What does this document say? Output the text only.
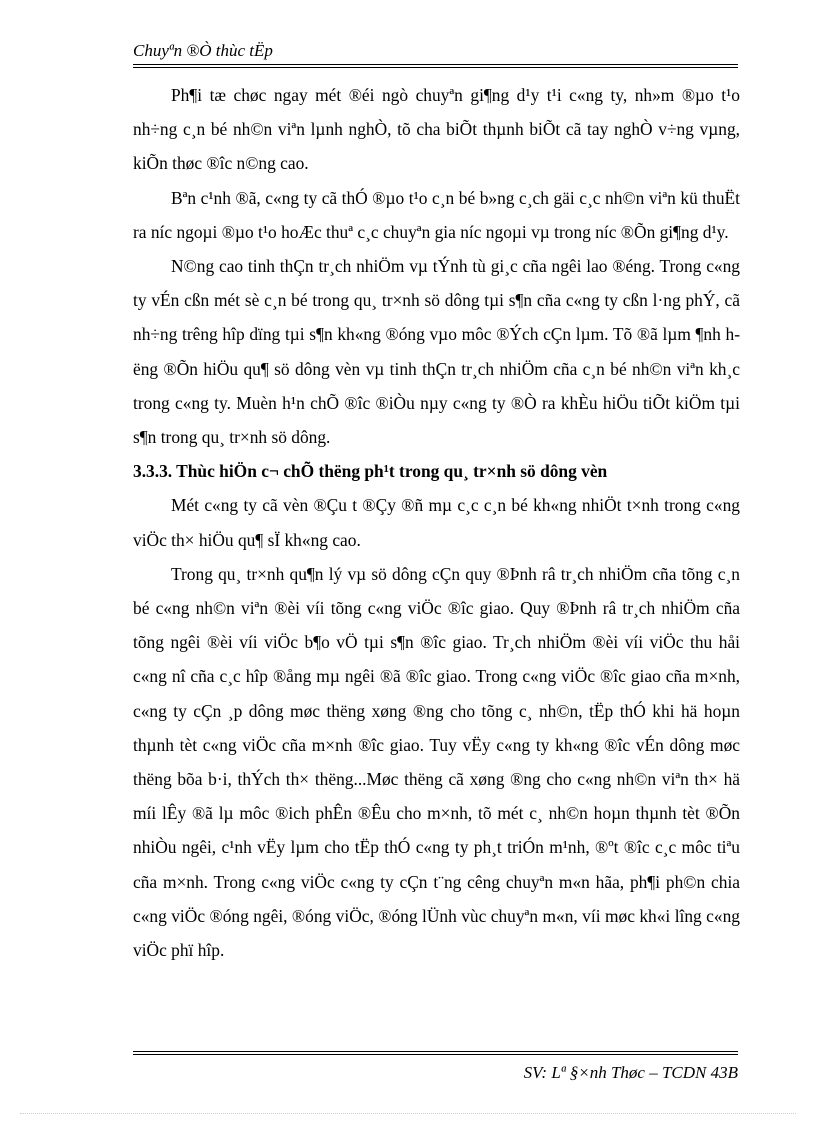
Chuyªn ®Ò thùc tËp

Ph¶i tæ chøc ngay mét ®éi ngò chuyªn gi¶ng d¹y t¹i c«ng ty, nh»m ®µo t¹o nh÷ng c¸n bé nh©n viªn lµnh nghÒ, tõ cha biÕt thµnh biÕt cã tay nghÒ v÷ng vµng, kiÕn thøc ®îc n©ng cao.

Bªn c¹nh ®ã, c«ng ty cã thÓ ®µo t¹o c¸n bé b»ng c¸ch gäi c¸c nh©n viªn kü thuËt ra níc ngoµi ®µo t¹o hoÆc thuª c¸c chuyªn gia níc ngoµi vµ trong níc ®Õn gi¶ng d¹y.

N©ng cao tinh thÇn tr¸ch nhiÖm vµ tÝnh tù gi¸c cña ngêi lao ®éng. Trong c«ng ty vÉn cßn mét sè c¸n bé trong qu¸ tr×nh sö dông tµi s¶n cña c«ng ty cßn l·ng phÝ, cã nh÷ng trêng hîp dïng tµi s¶n kh«ng ®óng vµo môc ®Ých cÇn lµm. Tõ ®ã lµm ¶nh hëng ®Õn hiÖu qu¶ sö dông vèn vµ tinh thÇn tr¸ch nhiÖm cña c¸n bé nh©n viªn kh¸c trong c«ng ty. Muèn h¹n chÕ ®îc ®iÒu nµy c«ng ty ®Ò ra khÈu hiÖu tiÕt kiÖm tµi s¶n trong qu¸ tr×nh sö dông.

3.3.3. Thùc hiÖn c¬ chÕ thëng ph¹t trong qu¸ tr×nh sö dông vèn

Mét c«ng ty cã vèn ®Çu t ®Çy ®ñ mµ c¸c c¸n bé kh«ng nhiÖt t×nh trong c«ng viÖc th× hiÖu qu¶ sÏ kh«ng cao.

Trong qu¸ tr×nh qu¶n lý vµ sö dông cÇn quy ®Þnh râ tr¸ch nhiÖm cña tõng c¸n bé c«ng nh©n viªn ®èi víi tõng c«ng viÖc ®îc giao. Quy ®Þnh râ tr¸ch nhiÖm cña tõng ngêi ®èi víi viÖc b¶o vÖ tµi s¶n ®îc giao. Tr¸ch nhiÖm ®èi víi viÖc thu håi c«ng nî cña c¸c hîp ®ång mµ ngêi ®ã ®îc giao. Trong c«ng viÖc ®îc giao cña m×nh, c«ng ty cÇn ¸p dông møc thëng xøng ®ng cho tõng c¸ nh©n, tËp thÓ khi hä hoµn thµnh tèt c«ng viÖc cña m×nh ®îc giao. Tuy vËy c«ng ty kh«ng ®îc vÉn dông møc thëng bõa b·i, thÝch th× thëng...Møc thëng cã xøng ®ng cho c«ng nh©n viªn th× hä míi lÊy ®ã lµ môc ®ich phÊn ®Êu cho m×nh, tõ mét c¸ nh©n hoµn thµnh tèt ®Õn nhiÒu ngêi, c¹nh vËy lµm cho tËp thÓ c«ng ty ph¸t triÓn m¹nh, ®ºt ®îc c¸c môc tiªu cña m×nh. Trong c«ng viÖc c«ng ty cÇn t¨ng cêng chuyªn m«n hãa, ph¶i ph©n chia c«ng viÖc ®óng ngêi, ®óng viÖc, ®óng lÜnh vùc chuyªn m«n, víi møc kh«i lîng c«ng viÖc phï hîp.

SV: Lª §×nh Thøc – TCDN 43B
